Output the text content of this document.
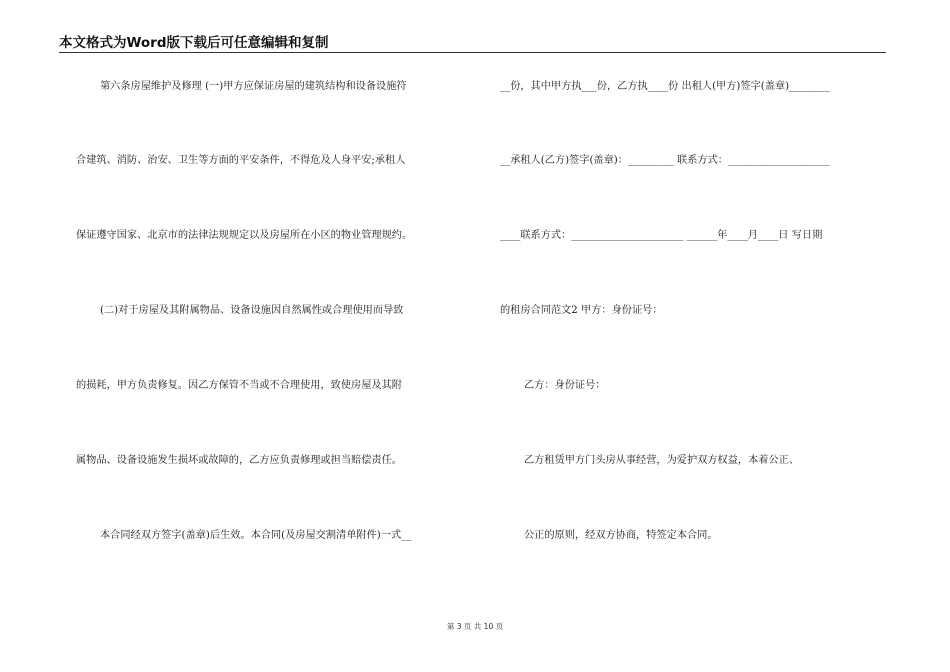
本文格式为Word版下载后可任意编辑和复制
第六条房屋维护及修理 (一)甲方应保证房屋的建筑结构和设备设施符
合建筑、消防、治安、卫生等方面的平安条件，不得危及人身平安;承租人
保证遵守国家、北京市的法律法规规定以及房屋所在小区的物业管理规约。
(二)对于房屋及其附属物品、设备设施因自然属性或合理使用而导致
的损耗，甲方负责修复。因乙方保管不当或不合理使用，致使房屋及其附
属物品、设备设施发生损坏或故障的，乙方应负责修理或担当赔偿责任。
本合同经双方签字(盖章)后生效。本合同(及房屋交割清单附件)一式__
__份，其中甲方执___份，乙方执____份 出租人(甲方)签字(盖章)________
__承租人(乙方)签字(盖章)：_________ 联系方式：____________________
____联系方式：______________________ ______年____月____日 写日期
的租房合同范文2 甲方：身份证号：
乙方：身份证号：
乙方租赁甲方门头房从事经营，为爱护双方权益，本着公正、
公正的原则，经双方协商，特签定本合同。
第 3 页 共 10 页
